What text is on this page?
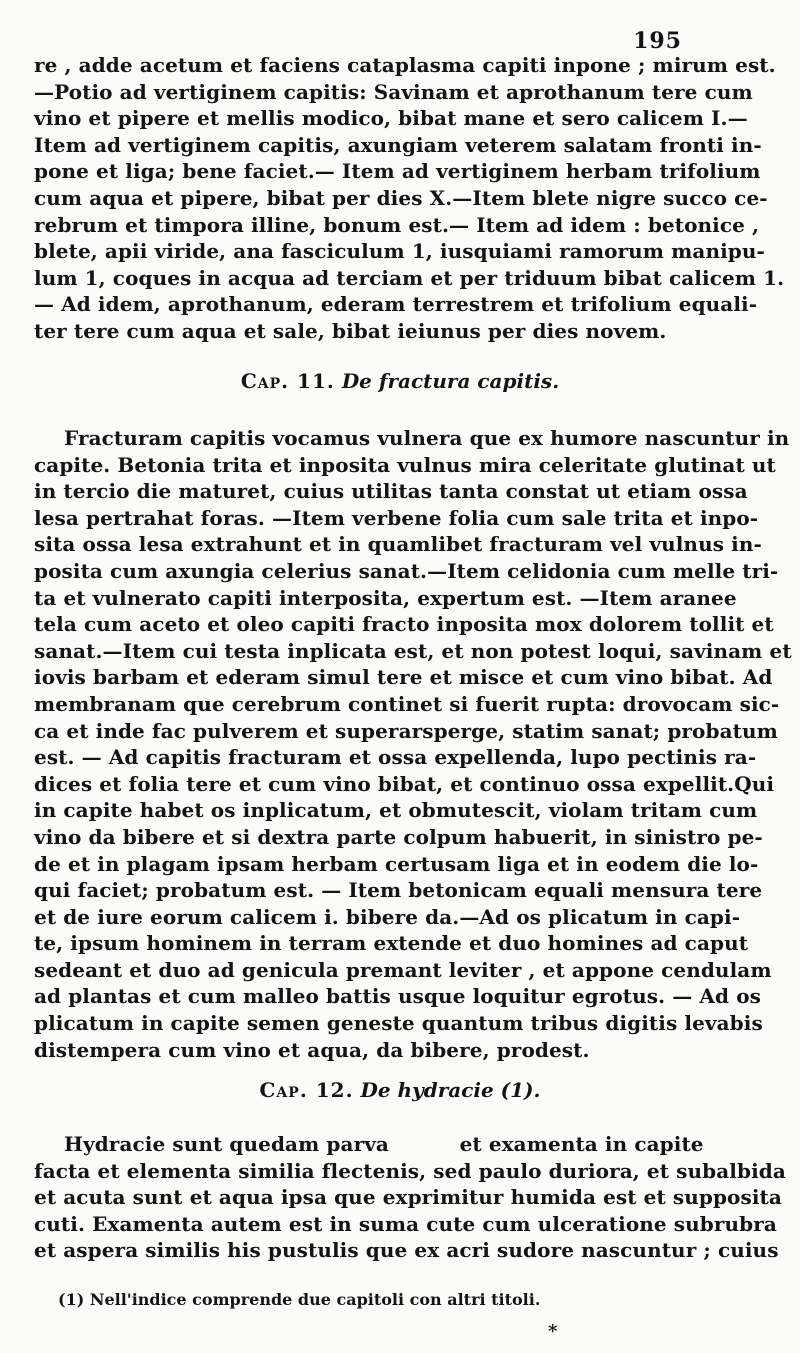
195
re , adde acetum et faciens cataplasma capiti inpone ; mirum est.
—Potio ad vertiginem capitis: Savinam et aprothanum tere cum
vino et pipere et mellis modico, bibat mane et sero calicem I.—
Item ad vertiginem capitis, axungiam veterem salatam fronti in-
pone et liga; bene faciet.— Item ad vertiginem herbam trifolium
cum aqua et pipere, bibat per dies X.—Item blete nigre succo ce-
rebrum et timpora illine, bonum est.— Item ad idem : betonice ,
blete, apii viride, ana fasciculum 1, iusquiami ramorum manipu-
lum 1, coques in acqua ad terciam et per triduum bibat calicem 1.
— Ad idem, aprothanum, ederam terrestrem et trifolium equali-
ter tere cum aqua et sale, bibat ieiunus per dies novem.
Cap. 11. De fractura capitis.
Fracturam capitis vocamus vulnera que ex humore nascuntur in
capite. Betonia trita et inposita vulnus mira celeritate glutinat ut
in tercio die maturet, cuius utilitas tanta constat ut etiam ossa
lesa pertrahat foras. —Item verbene folia cum sale trita et inpo-
sita ossa lesa extrahunt et in quamlibet fracturam vel vulnus in-
posita cum axungia celerius sanat.—Item celidonia cum melle tri-
ta et vulnerato capiti interposita, expertum est. —Item aranee
tela cum aceto et oleo capiti fracto inposita mox dolorem tollit et
sanat.—Item cui testa inplicata est, et non potest loqui, savinam et
iovis barbam et ederam simul tere et misce et cum vino bibat. Ad
membranam que cerebrum continet si fuerit rupta: drovocam sic-
ca et inde fac pulverem et superarsperge, statim sanat; probatum
est. — Ad capitis fracturam et ossa expellenda, lupo pectinis ra-
dices et folia tere et cum vino bibat, et continuo ossa expellit.Qui
in capite habet os inplicatum, et obmutescit, violam tritam cum
vino da bibere et si dextra parte colpum habuerit, in sinistro pe-
de et in plagam ipsam herbam certusam liga et in eodem die lo-
qui faciet; probatum est. — Item betonicam equali mensura tere
et de iure eorum calicem i. bibere da.—Ad os plicatum in capi-
te, ipsum hominem in terram extende et duo homines ad caput
sedeant et duo ad genicula premant leviter , et appone cendulam
ad plantas et cum malleo battis usque loquitur egrotus. — Ad os
plicatum in capite semen geneste quantum tribus digitis levabis
distempera cum vino et aqua, da bibere, prodest.
Cap. 12. De hydracie (1).
Hydracie sunt quedam parva          et examenta in capite
facta et elementa similia flectenis, sed paulo duriora, et subalbida
et acuta sunt et aqua ipsa que exprimitur humida est et supposita
cuti. Examenta autem est in suma cute cum ulceratione subrubra
et aspera similis his pustulis que ex acri sudore nascuntur ; cuius
(1) Nell'indice comprende due capitoli con altri titoli.
*
